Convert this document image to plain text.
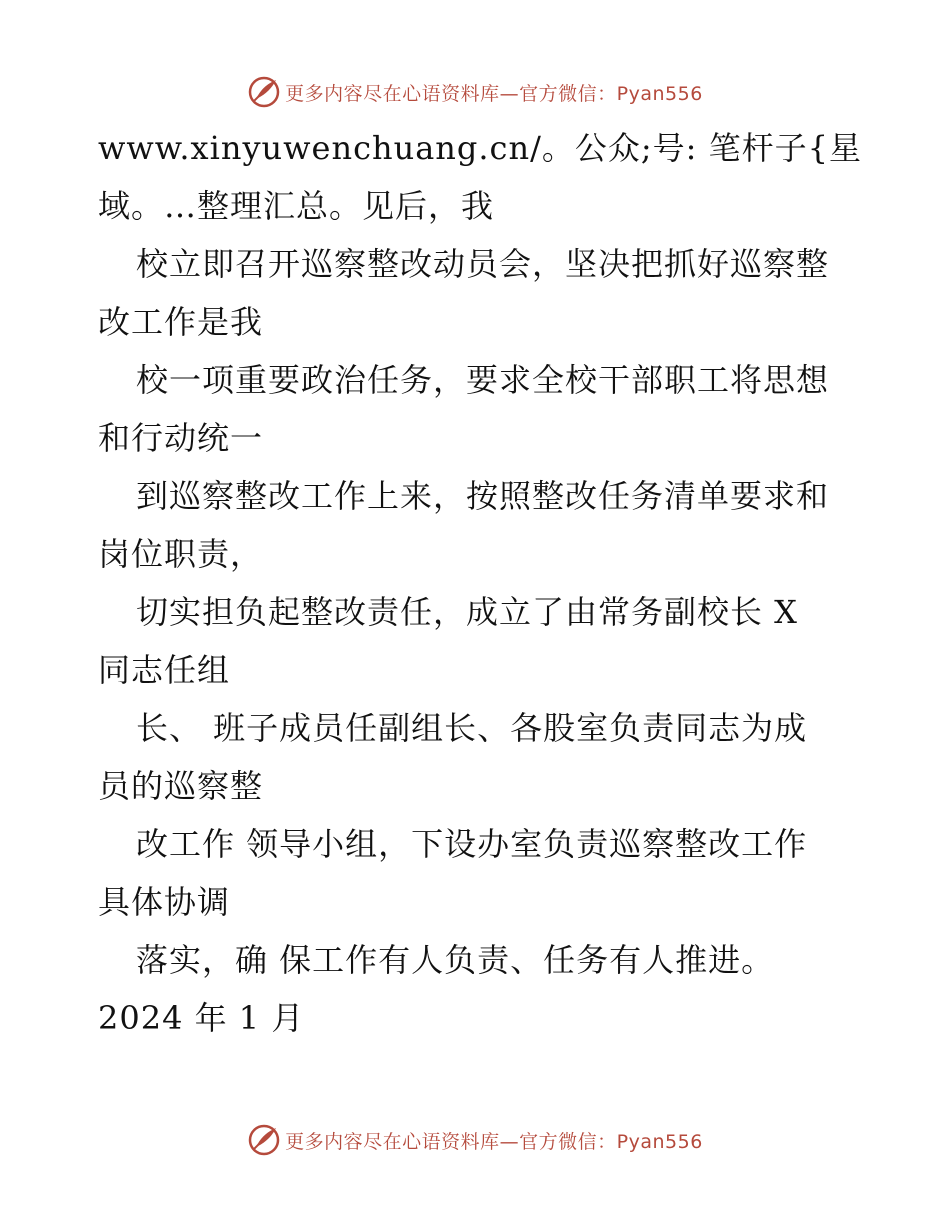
更多内容尽在心语资料库—官方微信：Pyan556
www.xinyuwenchuang.cn/。公众;号: 笔杆子{星
域。…整理汇总。见后，我
校立即召开巡察整改动员会，坚决把抓好巡察整
改工作是我
校一项重要政治任务，要求全校干部职工将思想
和行动统一
到巡察整改工作上来，按照整改任务清单要求和
岗位职责，
切实担负起整改责任，成立了由常务副校长 X
同志任组
长、 班子成员任副组长、各股室负责同志为成
员的巡察整
改工作 领导小组，下设办室负责巡察整改工作
具体协调
落实，确 保工作有人负责、任务有人推进。
2024 年 1 月
更多内容尽在心语资料库—官方微信：Pyan556
